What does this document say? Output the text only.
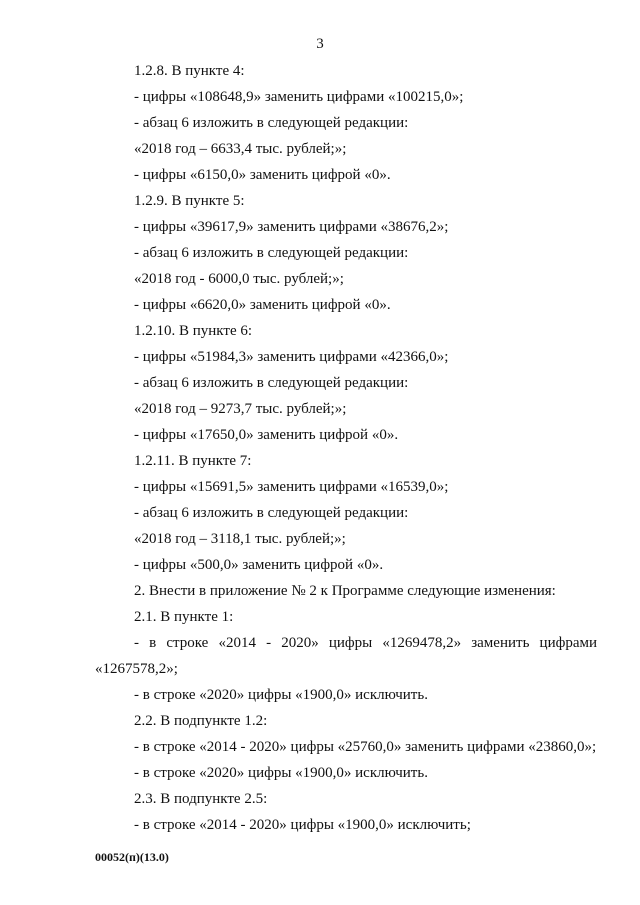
3
1.2.8. В пункте 4:
- цифры «108648,9» заменить цифрами «100215,0»;
- абзац 6 изложить в следующей редакции:
«2018 год – 6633,4 тыс. рублей;»;
- цифры «6150,0» заменить цифрой «0».
1.2.9. В пункте 5:
- цифры «39617,9» заменить цифрами «38676,2»;
- абзац 6 изложить в следующей редакции:
«2018 год - 6000,0 тыс. рублей;»;
- цифры «6620,0» заменить цифрой «0».
1.2.10. В пункте 6:
- цифры «51984,3» заменить цифрами «42366,0»;
- абзац 6 изложить в следующей редакции:
«2018 год – 9273,7 тыс. рублей;»;
- цифры «17650,0» заменить цифрой «0».
1.2.11. В пункте 7:
- цифры «15691,5» заменить цифрами «16539,0»;
- абзац 6 изложить в следующей редакции:
«2018 год – 3118,1 тыс. рублей;»;
- цифры «500,0» заменить цифрой «0».
2. Внести в приложение № 2 к Программе следующие изменения:
2.1. В пункте 1:
- в строке «2014 - 2020» цифры «1269478,2» заменить цифрами
«1267578,2»;
- в строке «2020» цифры «1900,0» исключить.
2.2. В подпункте 1.2:
- в строке «2014 - 2020» цифры «25760,0» заменить цифрами «23860,0»;
- в строке «2020» цифры «1900,0» исключить.
2.3. В подпункте 2.5:
- в строке «2014 - 2020» цифры «1900,0» исключить;
00052(п)(13.0)
